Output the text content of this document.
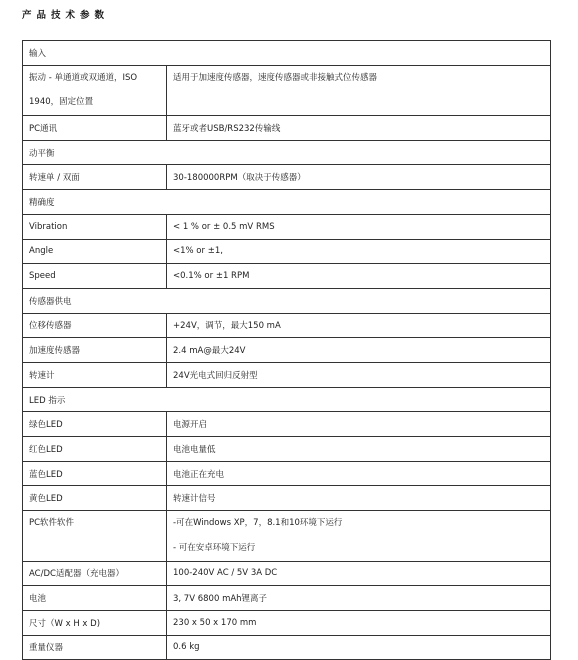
产品技术参数
输入	

振动 - 单通道或双通道，ISO
1940，固定位置	适用于加速度传感器，速度传感器或非接触式位传感器

PC通讯	蓝牙或者USB/RS232传输线
动平衡	
转速单 / 双面	30-180000RPM（取决于传感器）
精确度	
Vibration	< 1 % or ± 0.5 mV RMS
Angle	<1% or ±1,
Speed	<0.1% or ±1 RPM
传感器供电	
位移传感器	+24V，调节，最大150 mA
加速度传感器	2.4 mA@最大24V
转速计	24V光电式回归反射型
LED 指示	
绿色LED	电源开启
红色LED	电池电量低
蓝色LED	电池正在充电
黄色LED	转速计信号

PC软件软件	-可在Windows XP，7，8.1和10环境下运行
- 可在安卓环境下运行

AC/DC适配器（充电器）	100-240V AC / 5V 3A DC
电池	3, 7V 6800 mAh锂离子
尺寸（W x H x D)	230 x 50 x 170 mm
重量仪器	0.6 kg
